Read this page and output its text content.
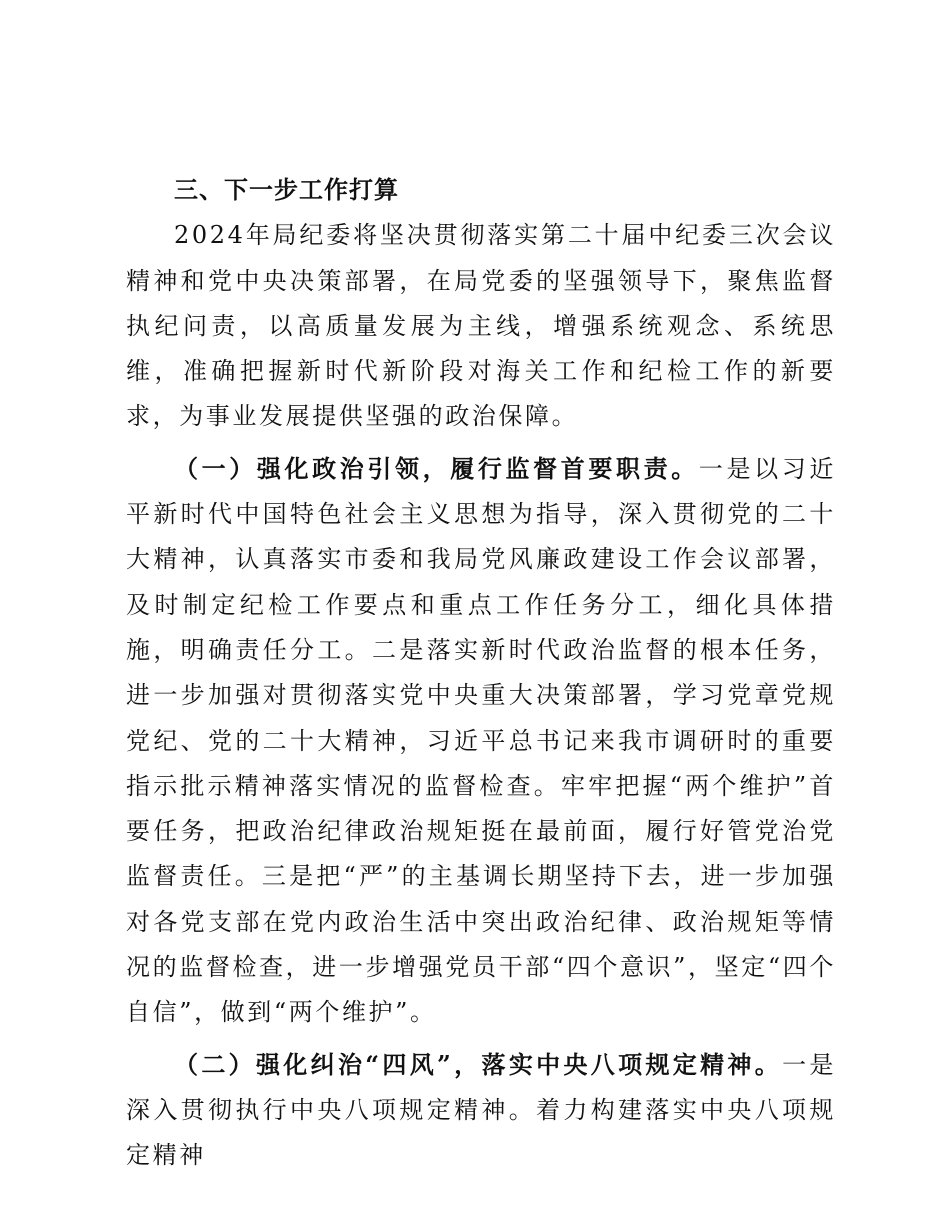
三、下一步工作打算

2024年局纪委将坚决贯彻落实第二十届中纪委三次会议精神和党中央决策部署，在局党委的坚强领导下，聚焦监督执纪问责，以高质量发展为主线，增强系统观念、系统思维，准确把握新时代新阶段对海关工作和纪检工作的新要求，为事业发展提供坚强的政治保障。

（一）强化政治引领，履行监督首要职责。一是以习近平新时代中国特色社会主义思想为指导，深入贯彻党的二十大精神，认真落实市委和我局党风廉政建设工作会议部署，及时制定纪检工作要点和重点工作任务分工，细化具体措施，明确责任分工。二是落实新时代政治监督的根本任务，进一步加强对贯彻落实党中央重大决策部署，学习党章党规党纪、党的二十大精神，习近平总书记来我市调研时的重要指示批示精神落实情况的监督检查。牢牢把握“两个维护”首要任务，把政治纪律政治规矩挺在最前面，履行好管党治党监督责任。三是把“严”的主基调长期坚持下去，进一步加强对各党支部在党内政治生活中突出政治纪律、政治规矩等情况的监督检查，进一步增强党员干部“四个意识”，坚定“四个自信”，做到“两个维护”。

（二）强化纠治“四风”，落实中央八项规定精神。一是深入贯彻执行中央八项规定精神。着力构建落实中央八项规定精神
